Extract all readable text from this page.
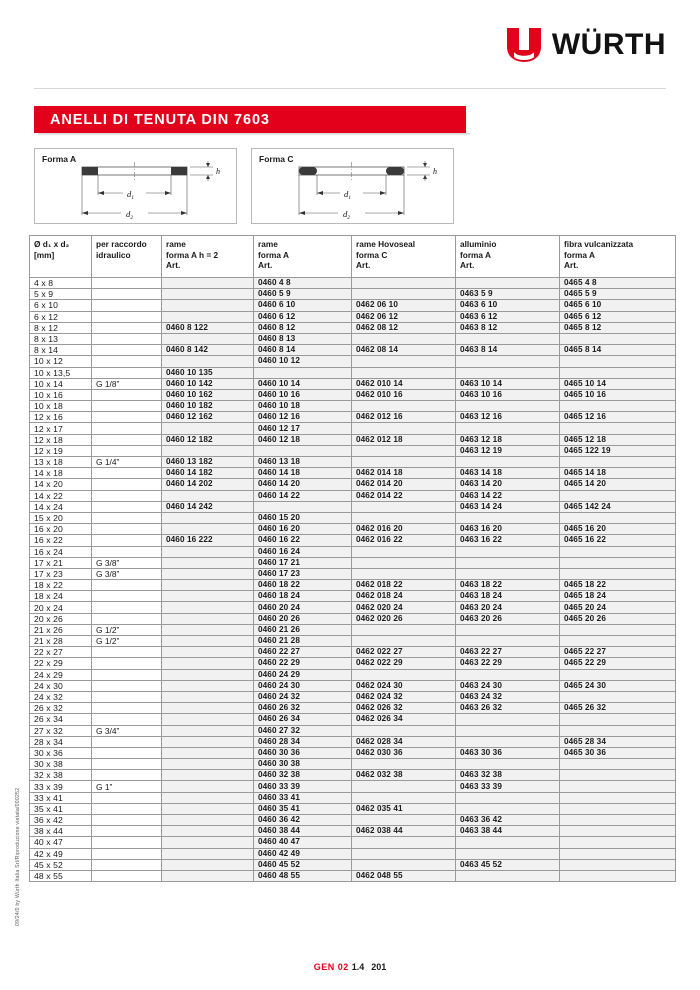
WÜRTH
ANELLI DI TENUTA DIN 7603
Forma A
h
$d_1$
$d_2$
Forma C
h
$d_1$
$d_2$
Ø d₁ x d₂
[mm]

per raccordo
idraulico

rame
forma A h = 2
Art.

rame
forma A
Art.

rame Hovoseal
forma C
Art.

alluminio
forma A
Art.

fibra vulcanizzata
forma A
Art.

4 x 8			0460 4 8			0465 4 8
5 x 9			0460 5 9		0463 5 9	0465 5 9
6 x 10			0460 6 10	0462 06 10	0463 6 10	0465 6 10
6 x 12			0460 6 12	0462 06 12	0463 6 12	0465 6 12
8 x 12		0460 8 122	0460 8 12	0462 08 12	0463 8 12	0465 8 12
8 x 13			0460 8 13			
8 x 14		0460 8 142	0460 8 14	0462 08 14	0463 8 14	0465 8 14
10 x 12			0460 10 12			
10 x 13,5		0460 10 135				
10 x 14	G 1/8”	0460 10 142	0460 10 14	0462 010 14	0463 10 14	0465 10 14
10 x 16		0460 10 162	0460 10 16	0462 010 16	0463 10 16	0465 10 16
10 x 18		0460 10 182	0460 10 18			
12 x 16		0460 12 162	0460 12 16	0462 012 16	0463 12 16	0465 12 16
12 x 17			0460 12 17			
12 x 18		0460 12 182	0460 12 18	0462 012 18	0463 12 18	0465 12 18
12 x 19					0463 12 19	0465 122 19
13 x 18	G 1/4”	0460 13 182	0460 13 18			
14 x 18		0460 14 182	0460 14 18	0462 014 18	0463 14 18	0465 14 18
14 x 20		0460 14 202	0460 14 20	0462 014 20	0463 14 20	0465 14 20
14 x 22			0460 14 22	0462 014 22	0463 14 22	
14 x 24		0460 14 242			0463 14 24	0465 142 24
15 x 20			0460 15 20			
16 x 20			0460 16 20	0462 016 20	0463 16 20	0465 16 20
16 x 22		0460 16 222	0460 16 22	0462 016 22	0463 16 22	0465 16 22
16 x 24			0460 16 24			
17 x 21	G 3/8”		0460 17 21			
17 x 23	G 3/8”		0460 17 23			
18 x 22			0460 18 22	0462 018 22	0463 18 22	0465 18 22
18 x 24			0460 18 24	0462 018 24	0463 18 24	0465 18 24
20 x 24			0460 20 24	0462 020 24	0463 20 24	0465 20 24
20 x 26			0460 20 26	0462 020 26	0463 20 26	0465 20 26
21 x 26	G 1/2”		0460 21 26			
21 x 28	G 1/2”		0460 21 28			
22 x 27			0460 22 27	0462 022 27	0463 22 27	0465 22 27
22 x 29			0460 22 29	0462 022 29	0463 22 29	0465 22 29
24 x 29			0460 24 29			
24 x 30			0460 24 30	0462 024 30	0463 24 30	0465 24 30
24 x 32			0460 24 32	0462 024 32	0463 24 32	
26 x 32			0460 26 32	0462 026 32	0463 26 32	0465 26 32
26 x 34			0460 26 34	0462 026 34		
27 x 32	G 3/4”		0460 27 32			
28 x 34			0460 28 34	0462 028 34		0465 28 34
30 x 36			0460 30 36	0462 030 36	0463 30 36	0465 30 36
30 x 38			0460 30 38			
32 x 38			0460 32 38	0462 032 38	0463 32 38	
33 x 39	G 1”		0460 33 39		0463 33 39	
33 x 41			0460 33 41			
35 x 41			0460 35 41	0462 035 41		
36 x 42			0460 36 42		0463 36 42	
38 x 44			0460 38 44	0462 038 44	0463 38 44	
40 x 47			0460 40 47			
42 x 49			0460 42 49			
45 x 52			0460 45 52		0463 45 52	
48 x 55			0460 48 55	0462 048 55		
GEN 02 1.4 201
09/24/0 by Würth Italia Srl/Riproduzione vietata/000252
